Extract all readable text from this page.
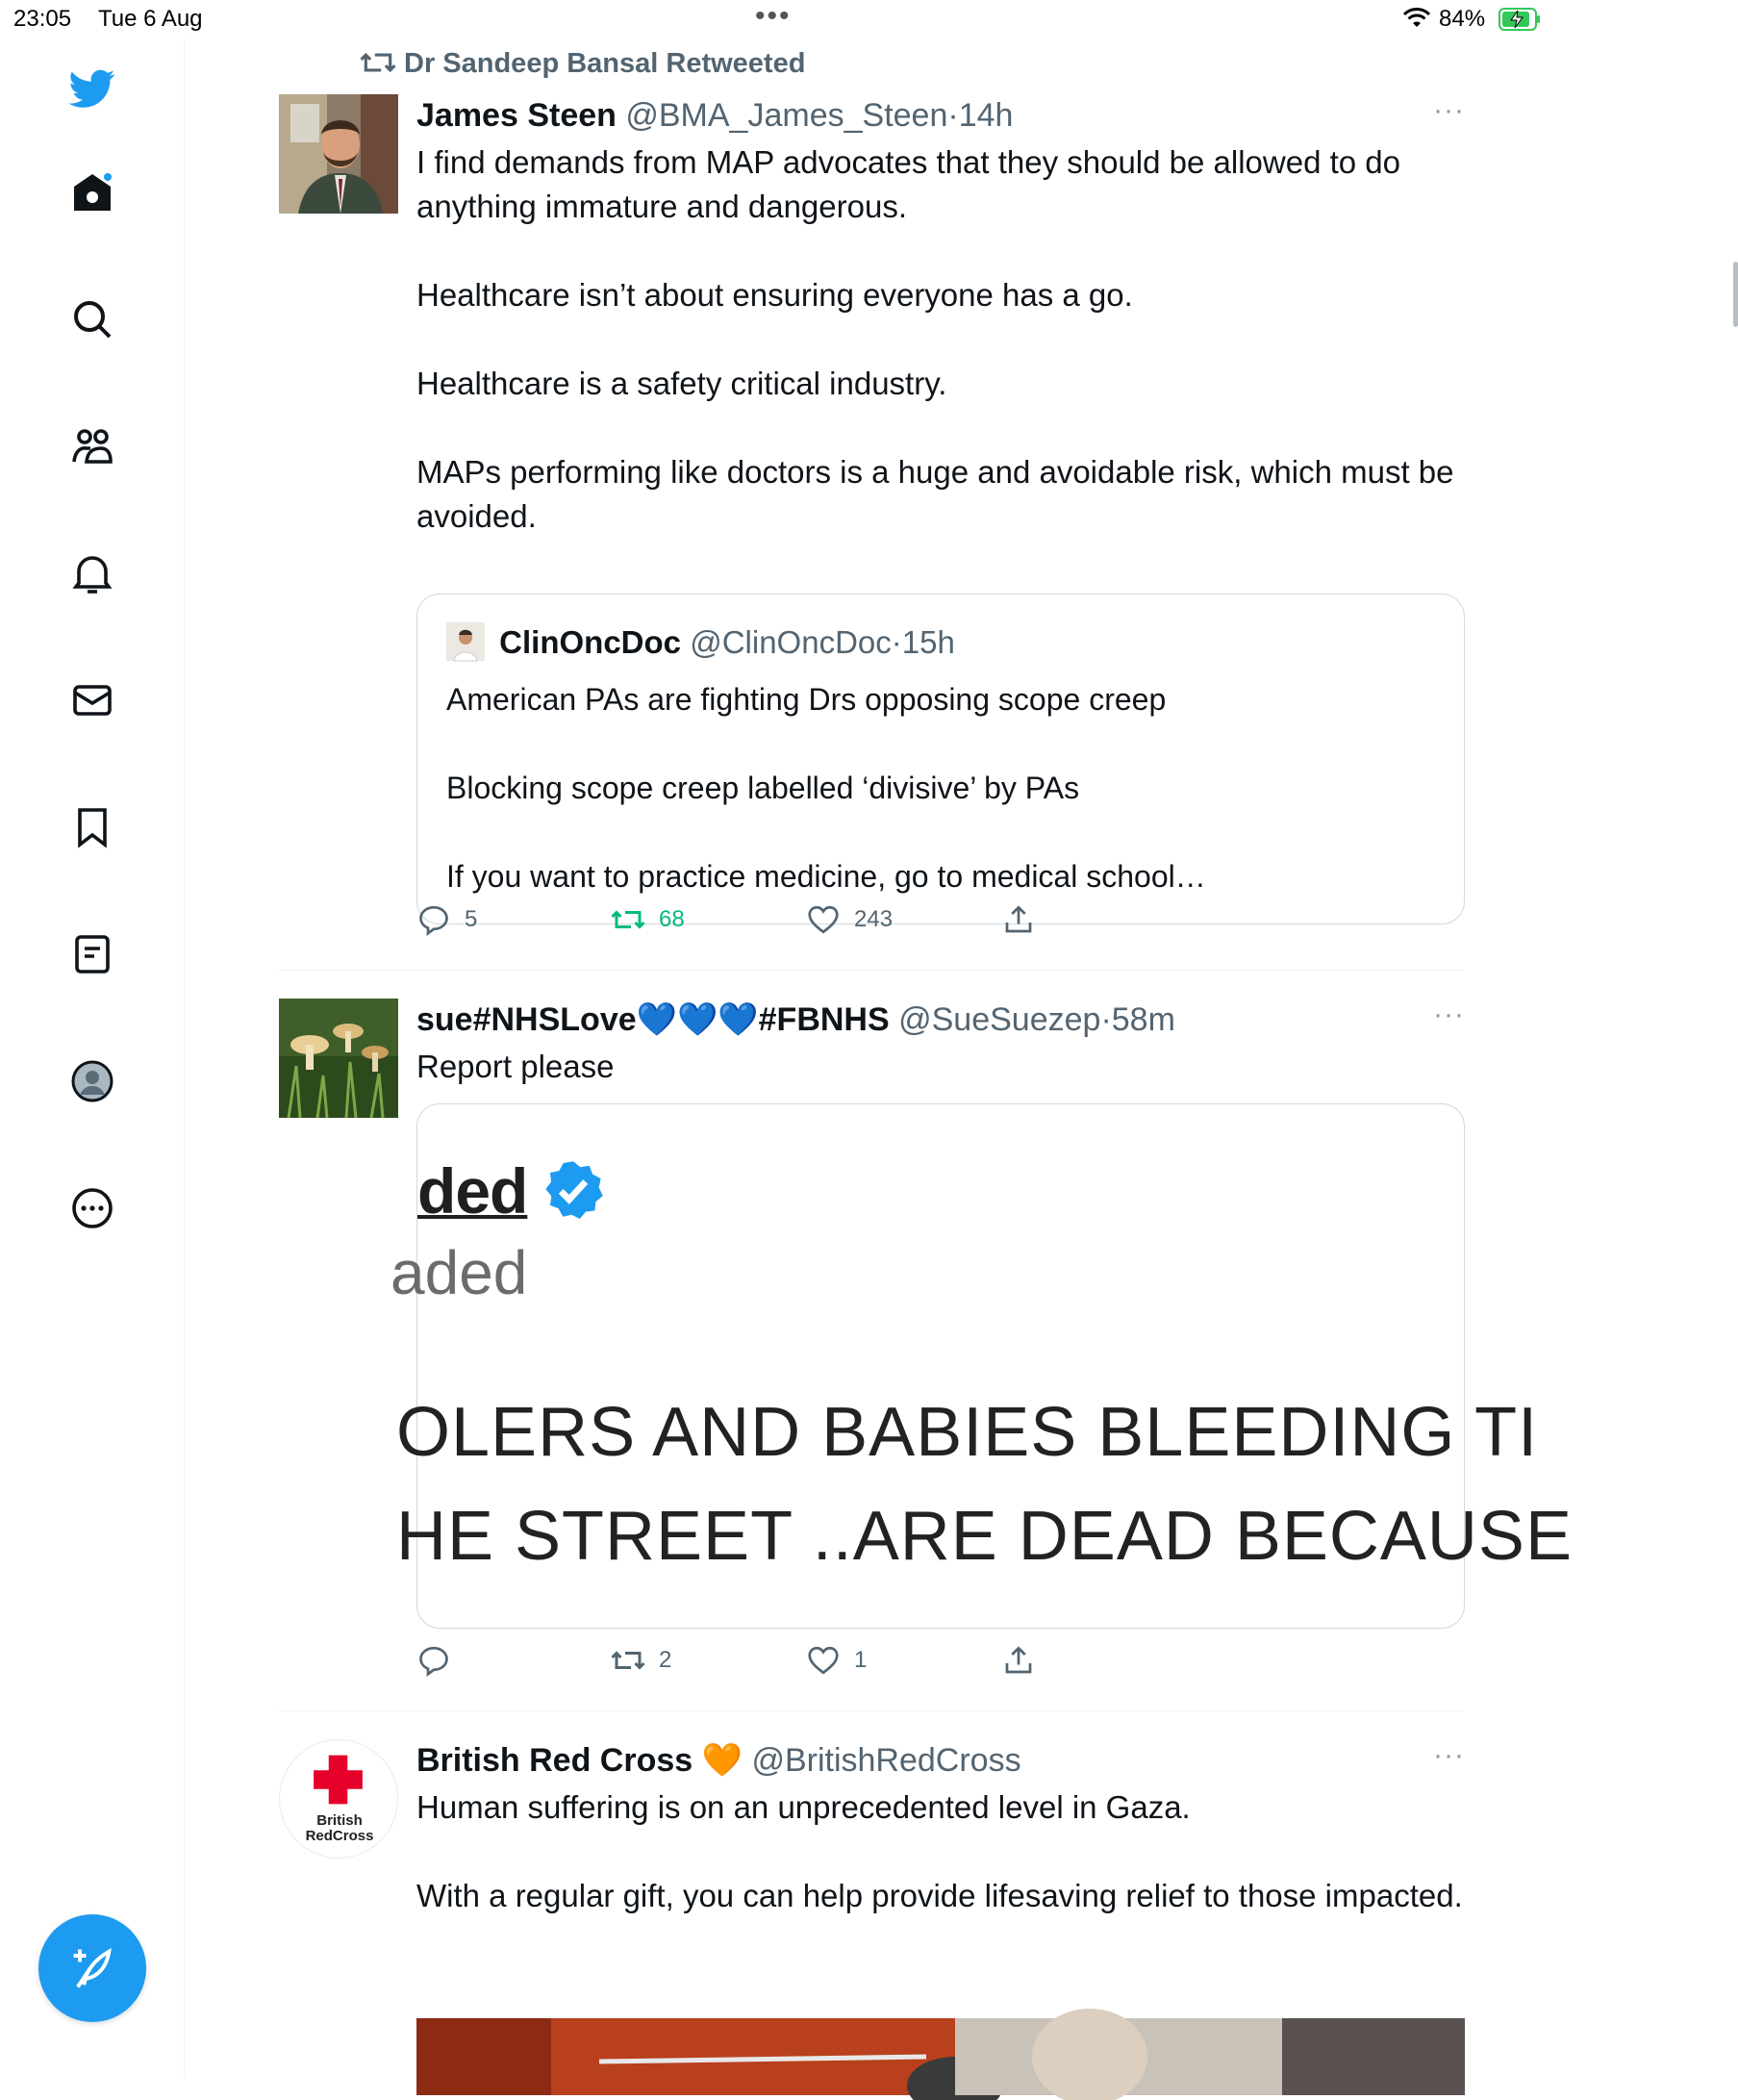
23:05 Tue 6 Aug	•••	84%
Dr Sandeep Bansal Retweeted
James Steen @BMA_James_Steen·14h	···

I find demands from MAP advocates that they should be allowed to do anything immature and dangerous.

Healthcare isn’t about ensuring everyone has a go.

Healthcare is a safety critical industry.

MAPs performing like doctors is a huge and avoidable risk, which must be avoided.

ClinOncDoc @ClinOncDoc·15h

American PAs are fighting Drs opposing scope creep

Blocking scope creep labelled ‘divisive’ by PAs

If you want to practice medicine, go to medical school…

5	68	243
sue#NHSLove💙💙💙#FBNHS @SueSuezep·58m	···

Report please

ded
aded
OLERS AND BABIES BLEEDING TI
HE STREET ..ARE DEAD BECAUSE
2	1
British
RedCross
British Red Cross 🧡 @BritishRedCross	···

Human suffering is on an unprecedented level in Gaza.

With a regular gift, you can help provide lifesaving relief to those impacted.
